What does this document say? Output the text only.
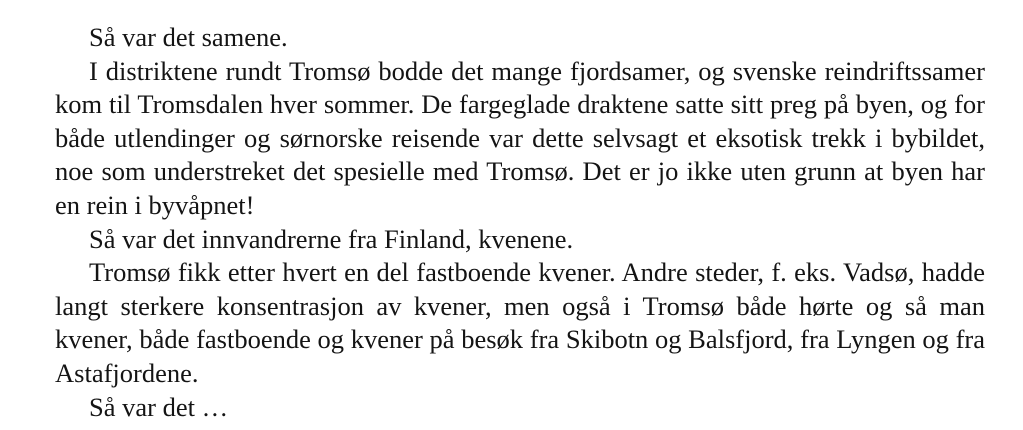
Så var det samene.

I distriktene rundt Tromsø bodde det mange fjordsamer, og svenske reindriftssamer kom til Tromsdalen hver sommer. De fargeglade draktene satte sitt preg på byen, og for både utlendinger og sørnorske reisende var dette selvsagt et eksotisk trekk i bybildet, noe som understreket det spesielle med Tromsø. Det er jo ikke uten grunn at byen har en rein i byvåpnet!

Så var det innvandrerne fra Finland, kvenene.

Tromsø fikk etter hvert en del fastboende kvener. Andre steder, f. eks. Vadsø, hadde langt sterkere konsentrasjon av kvener, men også i Tromsø både hørte og så man kvener, både fastboende og kvener på besøk fra Skibotn og Balsfjord, fra Lyngen og fra Astafjordene.

Så var det …
